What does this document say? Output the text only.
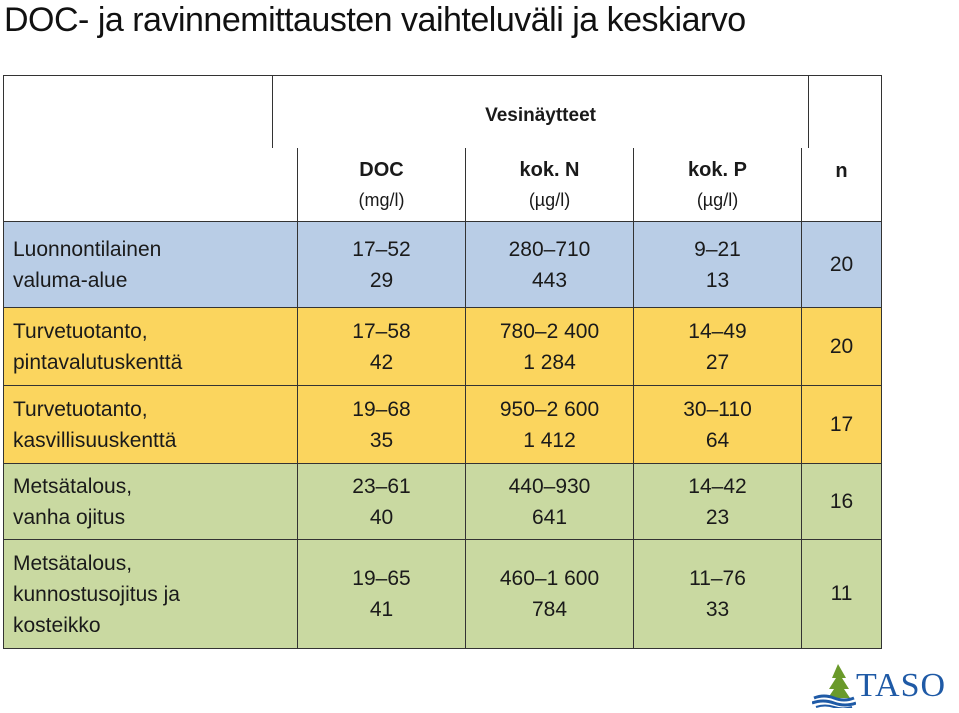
DOC- ja ravinnemittausten vaihteluväli ja keskiarvo
Vesinäytteet
DOC
(mg/l)
kok. N
(µg/l)
kok. P
(µg/l)
n
Luonnontilainen
valuma-alue
17–52
29
280–710
443
9–21
13
20
Turvetuotanto,
pintavalutuskenttä
17–58
42
780–2 400
1 284
14–49
27
20
Turvetuotanto,
kasvillisuuskenttä
19–68
35
950–2 600
1 412
30–110
64
17
Metsätalous,
vanha ojitus
23–61
40
440–930
641
14–42
23
16
Metsätalous,
kunnostusojitus ja
kosteikko
19–65
41
460–1 600
784
11–76
33
11
TASO
